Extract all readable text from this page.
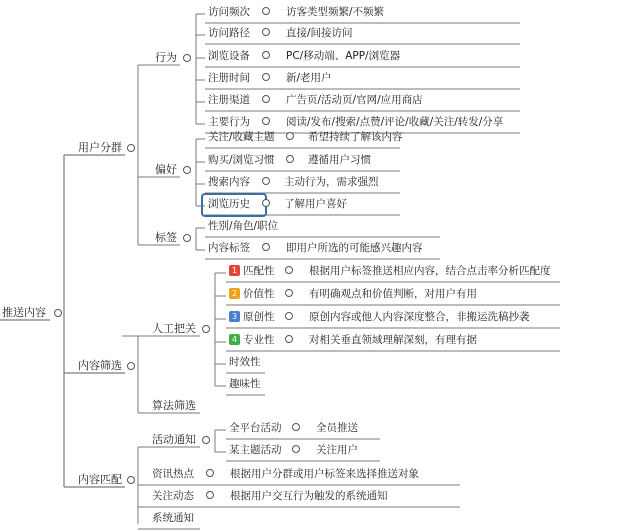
推送内容
用户分群
内容筛选
内容匹配
行为
偏好
标签
人工把关
算法筛选
活动通知
访问频次	访客类型频繁/不频繁
访问路径	直接/间接访问
浏览设备	PC/移动端、APP/浏览器
注册时间	新/老用户
注册渠道	广告页/活动页/官网/应用商店
主要行为	阅读/发布/搜索/点赞/评论/收藏/关注/转发/分享
关注/收藏主题	希望持续了解该内容
购买/浏览习惯	遵循用户习惯
搜索内容	主动行为，需求强烈
浏览历史	了解用户喜好
性别/角色/职位
内容标签	即用户所选的可能感兴趣内容
1 匹配性	根据用户标签推送相应内容，结合点击率分析匹配度
2 价值性	有明确观点和价值判断，对用户有用
3 原创性	原创内容或他人内容深度整合，非搬运洗稿抄袭
4 专业性	对相关垂直领域理解深刻，有理有据
时效性
趣味性
全平台活动	全员推送
某主题活动	关注用户
资讯热点	根据用户分群或用户标签来选择推送对象
关注动态	根据用户交互行为触发的系统通知
系统通知
